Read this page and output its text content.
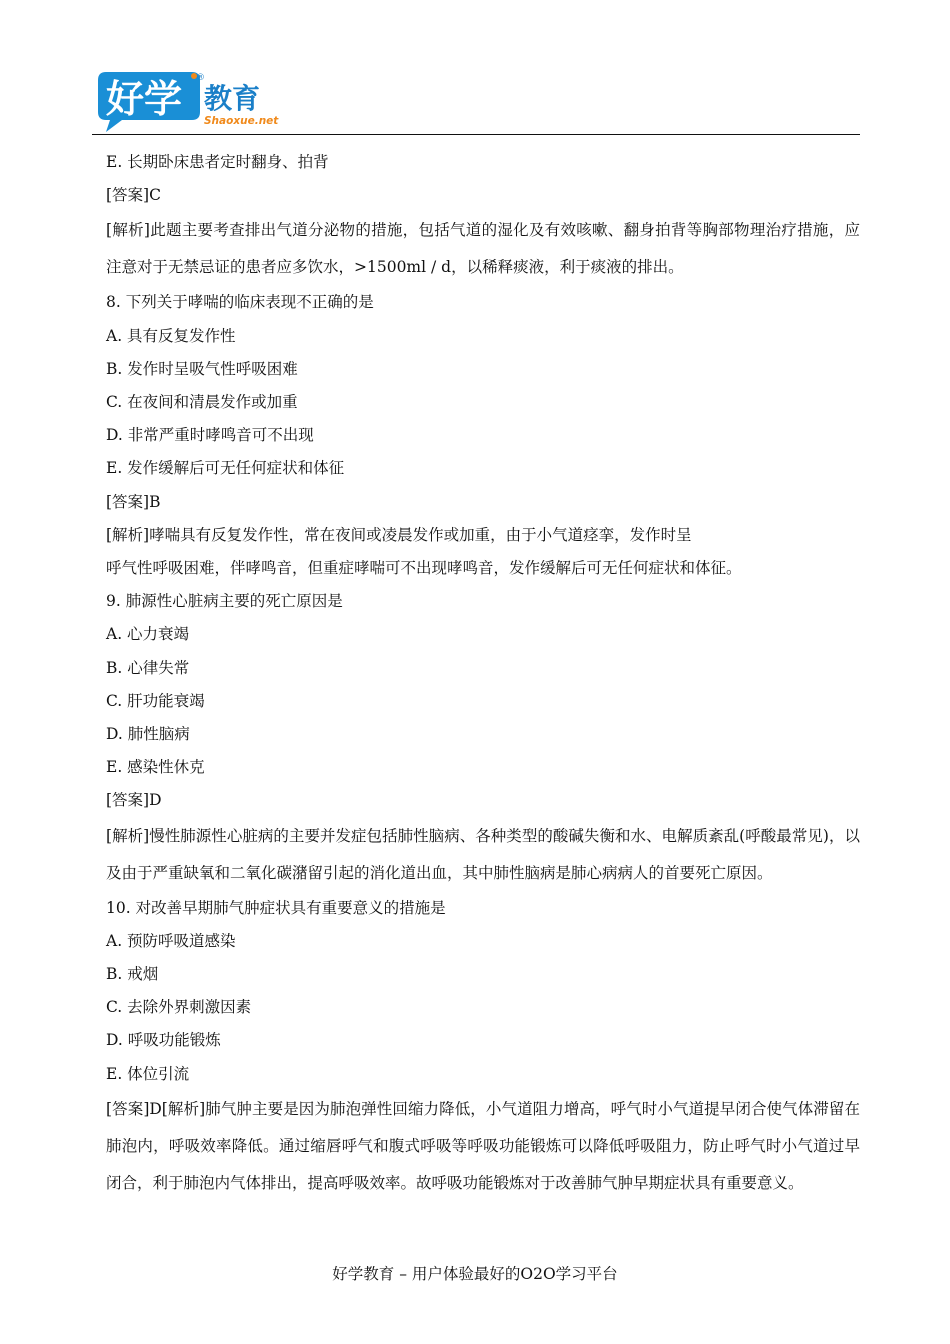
好学 ®
教育
Shaoxue.net

E. 长期卧床患者定时翻身、拍背

[答案]C

[解析]此题主要考查排出气道分泌物的措施，包括气道的湿化及有效咳嗽、翻身拍背等胸部物理治疗措施，应注意对于无禁忌证的患者应多饮水，>1500ml / d，以稀释痰液，利于痰液的排出。

8. 下列关于哮喘的临床表现不正确的是

A. 具有反复发作性

B. 发作时呈吸气性呼吸困难

C. 在夜间和清晨发作或加重

D. 非常严重时哮鸣音可不出现

E. 发作缓解后可无任何症状和体征

[答案]B

[解析]哮喘具有反复发作性，常在夜间或凌晨发作或加重，由于小气道痉挛，发作时呈

呼气性呼吸困难，伴哮鸣音，但重症哮喘可不出现哮鸣音，发作缓解后可无任何症状和体征。

9. 肺源性心脏病主要的死亡原因是

A. 心力衰竭

B. 心律失常

C. 肝功能衰竭

D. 肺性脑病

E. 感染性休克

[答案]D

[解析]慢性肺源性心脏病的主要并发症包括肺性脑病、各种类型的酸碱失衡和水、电解质紊乱(呼酸最常见)，以及由于严重缺氧和二氧化碳潴留引起的消化道出血，其中肺性脑病是肺心病病人的首要死亡原因。

10. 对改善早期肺气肿症状具有重要意义的措施是

A. 预防呼吸道感染

B. 戒烟

C. 去除外界刺激因素

D. 呼吸功能锻炼

E. 体位引流

[答案]D[解析]肺气肿主要是因为肺泡弹性回缩力降低，小气道阻力增高，呼气时小气道提早闭合使气体滞留在肺泡内，呼吸效率降低。通过缩唇呼气和腹式呼吸等呼吸功能锻炼可以降低呼吸阻力，防止呼气时小气道过早闭合，利于肺泡内气体排出，提高呼吸效率。故呼吸功能锻炼对于改善肺气肿早期症状具有重要意义。

好学教育 – 用户体验最好的O2O学习平台
